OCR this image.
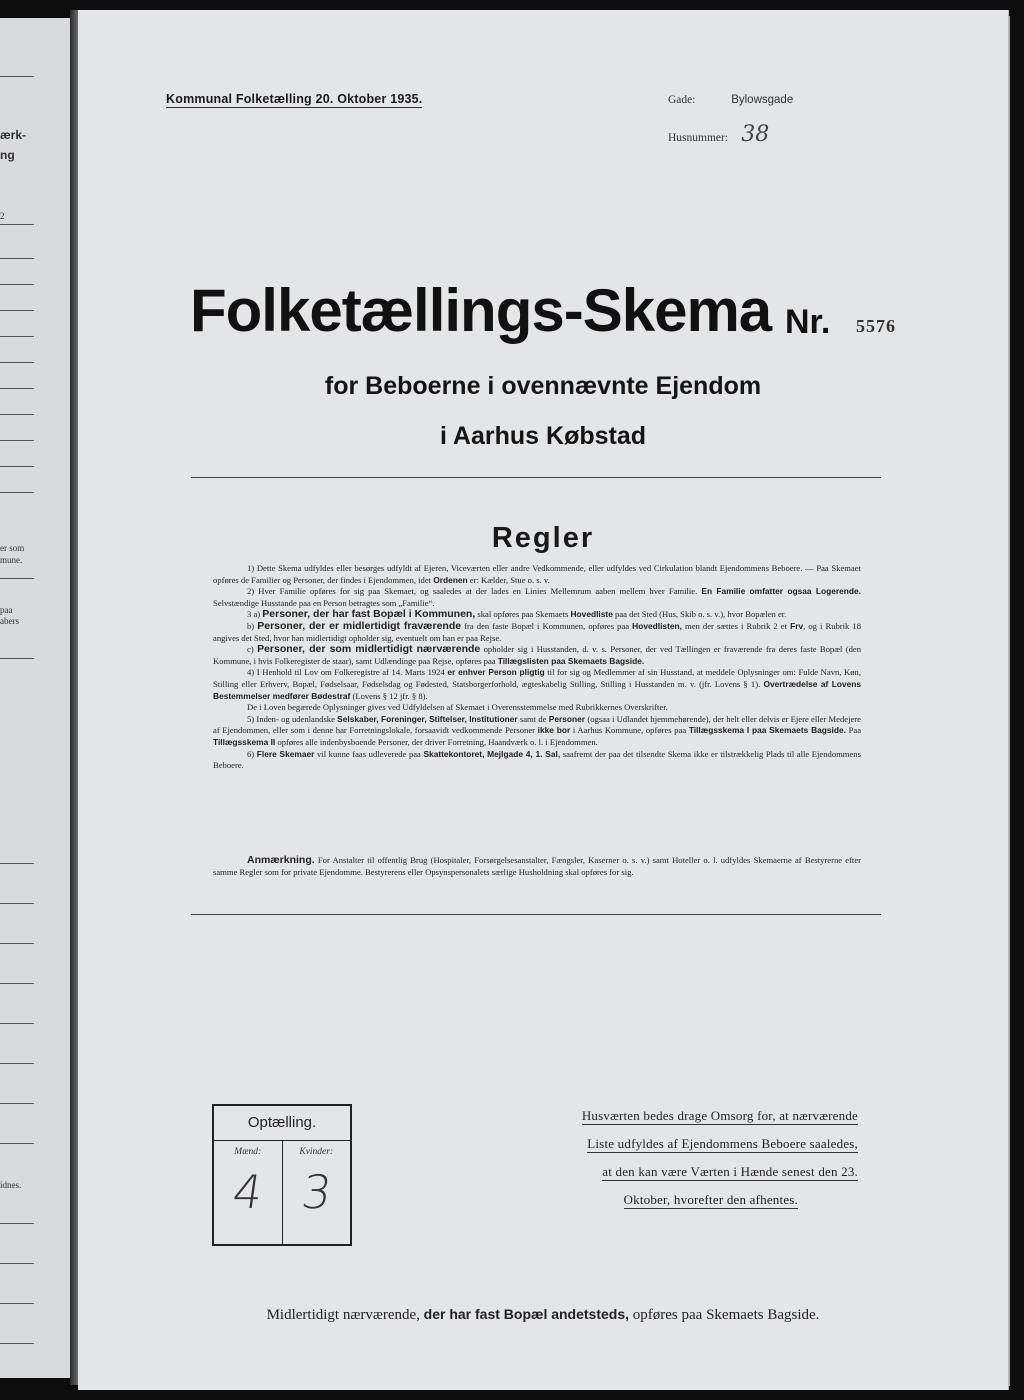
ærk-
ng
2
er som
mune.
paa
abers
idnes.
Kommunal Folketælling 20. Oktober 1935.	Gade:	Bylowsgade
Husnummer: 38
Folketællings-Skema Nr. 5576
for Beboerne i ovennævnte Ejendom
i Aarhus Købstad
Regler

1) Dette Skema udfyldes eller besørges udfyldt af Ejeren, Viceværten eller andre Vedkommende, eller udfyldes ved Cirkulation blandt Ejendommens Beboere. — Paa Skemaet opføres de Familier og Personer, der findes i Ejendommen, idet Ordenen er: Kælder, Stue o. s. v.

2) Hver Familie opføres for sig paa Skemaet, og saaledes at der lades en Linies Mellemrum aaben mellem hver Familie. En Familie omfatter ogsaa Logerende. Selvstændige Husstande paa en Person betragtes som „Familie“.

3 a) Personer, der har fast Bopæl i Kommunen, skal opføres paa Skemaets Hovedliste paa det Sted (Hus, Skib o. s. v.), hvor Bopælen er.

b) Personer, der er midlertidigt fraværende fra den faste Bopæl i Kommunen, opføres paa Hovedlisten, men der sættes i Rubrik 2 et Frv, og i Rubrik 18 angives det Sted, hvor han midlertidigt opholder sig, eventuelt om han er paa Rejse.

c) Personer, der som midlertidigt nærværende opholder sig i Husstanden, d. v. s. Personer, der ved Tællingen er fraværende fra deres faste Bopæl (den Kommune, i hvis Folkeregister de staar), samt Udlændinge paa Rejse, opføres paa Tillægslisten paa Skemaets Bagside.

4) I Henhold til Lov om Folkeregistre af 14. Marts 1924 er enhver Person pligtig til for sig og Medlemmer af sin Husstand, at meddele Oplysninger om: Fulde Navn, Køn, Stilling eller Erhverv, Bopæl, Fødselsaar, Fødselsdag og Fødested, Statsborgerforhold, ægteskabelig Stilling, Stilling i Husstanden m. v. (jfr. Lovens § 1). Overtrædelse af Lovens Bestemmelser medfører Bødestraf (Lovens § 12 jfr. § 8).

De i Loven begærede Oplysninger gives ved Udfyldelsen af Skemaet i Overensstemmelse med Rubrikkernes Overskrifter.

5) Inden- og udenlandske Selskaber, Foreninger, Stiftelser, Institutioner samt de Personer (ogsaa i Udlandet hjemmehørende), der helt eller delvis er Ejere eller Medejere af Ejendommen, eller som i denne har Forretningslokale, forsaavidt vedkommende Personer ikke bor i Aarhus Kommune, opføres paa Tillægsskema I paa Skemaets Bagside. Paa Tillægsskema II opføres alle indenbysboende Personer, der driver Forretning, Haandværk o. l. i Ejendommen.

6) Flere Skemaer vil kunne faas udleverede paa Skattekontoret, Mejlgade 4, 1. Sal, saafremt der paa det tilsendte Skema ikke er tilstrækkelig Plads til alle Ejendommens Beboere.

Anmærkning. For Anstalter til offentlig Brug (Hospitaler, Forsørgelsesanstalter, Fængsler, Kaserner o. s. v.) samt Hoteller o. l. udfyldes Skemaerne af Bestyrerne efter samme Regler som for private Ejendomme. Bestyrerens eller Opsynspersonalets særlige Husholdning skal opføres for sig.
Optælling.
Mænd:
4
Kvinder:
3
Husværten bedes drage Omsorg for, at nærværende
Liste udfyldes af Ejendommens Beboere saaledes,
at den kan være Værten i Hænde senest den 23.
Oktober, hvorefter den afhentes.
Midlertidigt nærværende, der har fast Bopæl andetsteds, opføres paa Skemaets Bagside.
